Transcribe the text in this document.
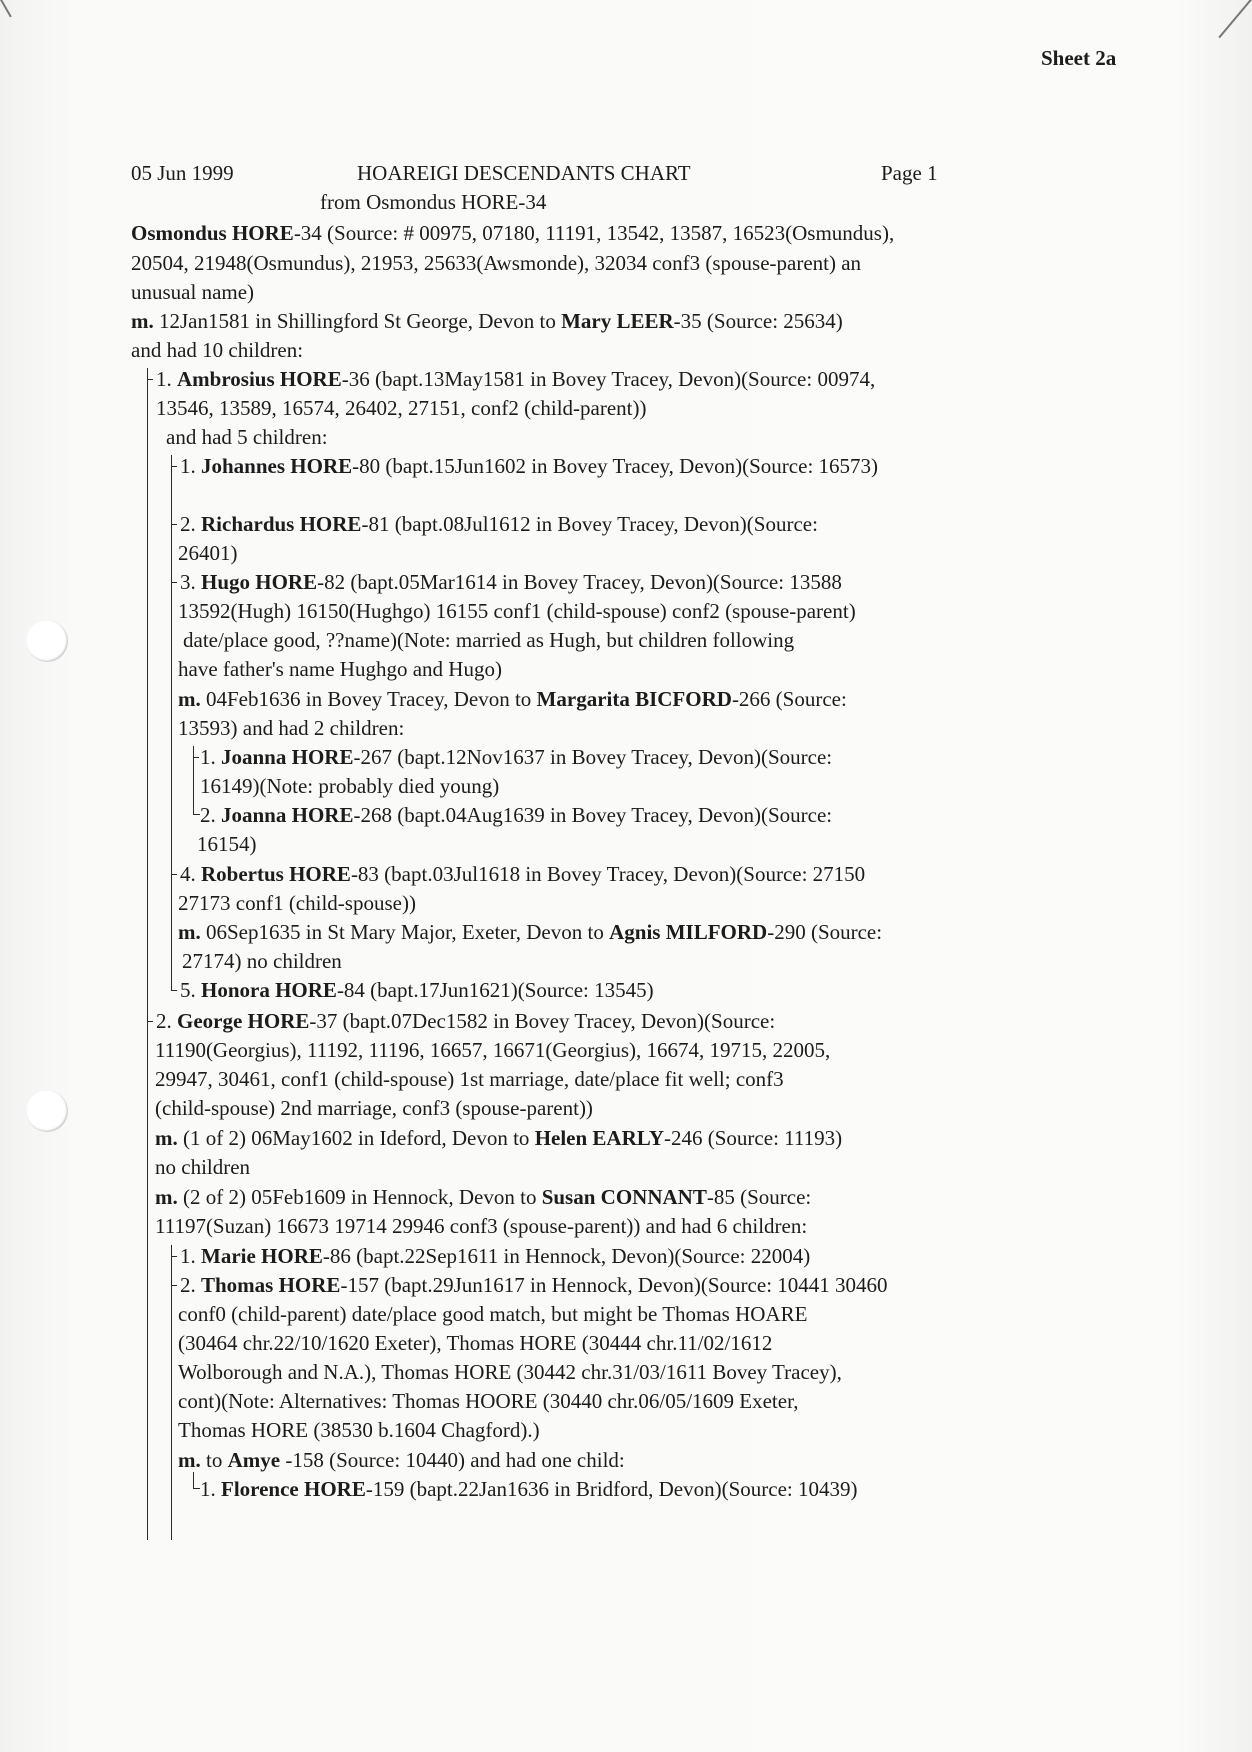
Sheet 2a
05 Jun 1999	HOAREIGI DESCENDANTS CHART	Page 1
from Osmondus HORE-34
Osmondus HORE-34 (Source: # 00975, 07180, 11191, 13542, 13587, 16523(Osmundus),
20504, 21948(Osmundus), 21953, 25633(Awsmonde), 32034 conf3 (spouse-parent) an
unusual name)
m. 12Jan1581 in Shillingford St George, Devon to Mary LEER-35 (Source: 25634)
and had 10 children:
1. Ambrosius HORE-36 (bapt.13May1581 in Bovey Tracey, Devon)(Source: 00974,
13546, 13589, 16574, 26402, 27151, conf2 (child-parent))
and had 5 children:
1. Johannes HORE-80 (bapt.15Jun1602 in Bovey Tracey, Devon)(Source: 16573)
2. Richardus HORE-81 (bapt.08Jul1612 in Bovey Tracey, Devon)(Source:
26401)
3. Hugo HORE-82 (bapt.05Mar1614 in Bovey Tracey, Devon)(Source: 13588
13592(Hugh) 16150(Hughgo) 16155 conf1 (child-spouse) conf2 (spouse-parent)
date/place good, ??name)(Note: married as Hugh, but children following
have father's name Hughgo and Hugo)
m. 04Feb1636 in Bovey Tracey, Devon to Margarita BICFORD-266 (Source:
13593) and had 2 children:
1. Joanna HORE-267 (bapt.12Nov1637 in Bovey Tracey, Devon)(Source:
16149)(Note: probably died young)
2. Joanna HORE-268 (bapt.04Aug1639 in Bovey Tracey, Devon)(Source:
16154)
4. Robertus HORE-83 (bapt.03Jul1618 in Bovey Tracey, Devon)(Source: 27150
27173 conf1 (child-spouse))
m. 06Sep1635 in St Mary Major, Exeter, Devon to Agnis MILFORD-290 (Source:
27174) no children
5. Honora HORE-84 (bapt.17Jun1621)(Source: 13545)
2. George HORE-37 (bapt.07Dec1582 in Bovey Tracey, Devon)(Source:
11190(Georgius), 11192, 11196, 16657, 16671(Georgius), 16674, 19715, 22005,
29947, 30461, conf1 (child-spouse) 1st marriage, date/place fit well; conf3
(child-spouse) 2nd marriage, conf3 (spouse-parent))
m. (1 of 2) 06May1602 in Ideford, Devon to Helen EARLY-246 (Source: 11193)
no children
m. (2 of 2) 05Feb1609 in Hennock, Devon to Susan CONNANT-85 (Source:
11197(Suzan) 16673 19714 29946 conf3 (spouse-parent)) and had 6 children:
1. Marie HORE-86 (bapt.22Sep1611 in Hennock, Devon)(Source: 22004)
2. Thomas HORE-157 (bapt.29Jun1617 in Hennock, Devon)(Source: 10441 30460
conf0 (child-parent) date/place good match, but might be Thomas HOARE
(30464 chr.22/10/1620 Exeter), Thomas HORE (30444 chr.11/02/1612
Wolborough and N.A.), Thomas HORE (30442 chr.31/03/1611 Bovey Tracey),
cont)(Note: Alternatives: Thomas HOORE (30440 chr.06/05/1609 Exeter,
Thomas HORE (38530 b.1604 Chagford).)
m. to Amye -158 (Source: 10440) and had one child:
1. Florence HORE-159 (bapt.22Jan1636 in Bridford, Devon)(Source: 10439)
